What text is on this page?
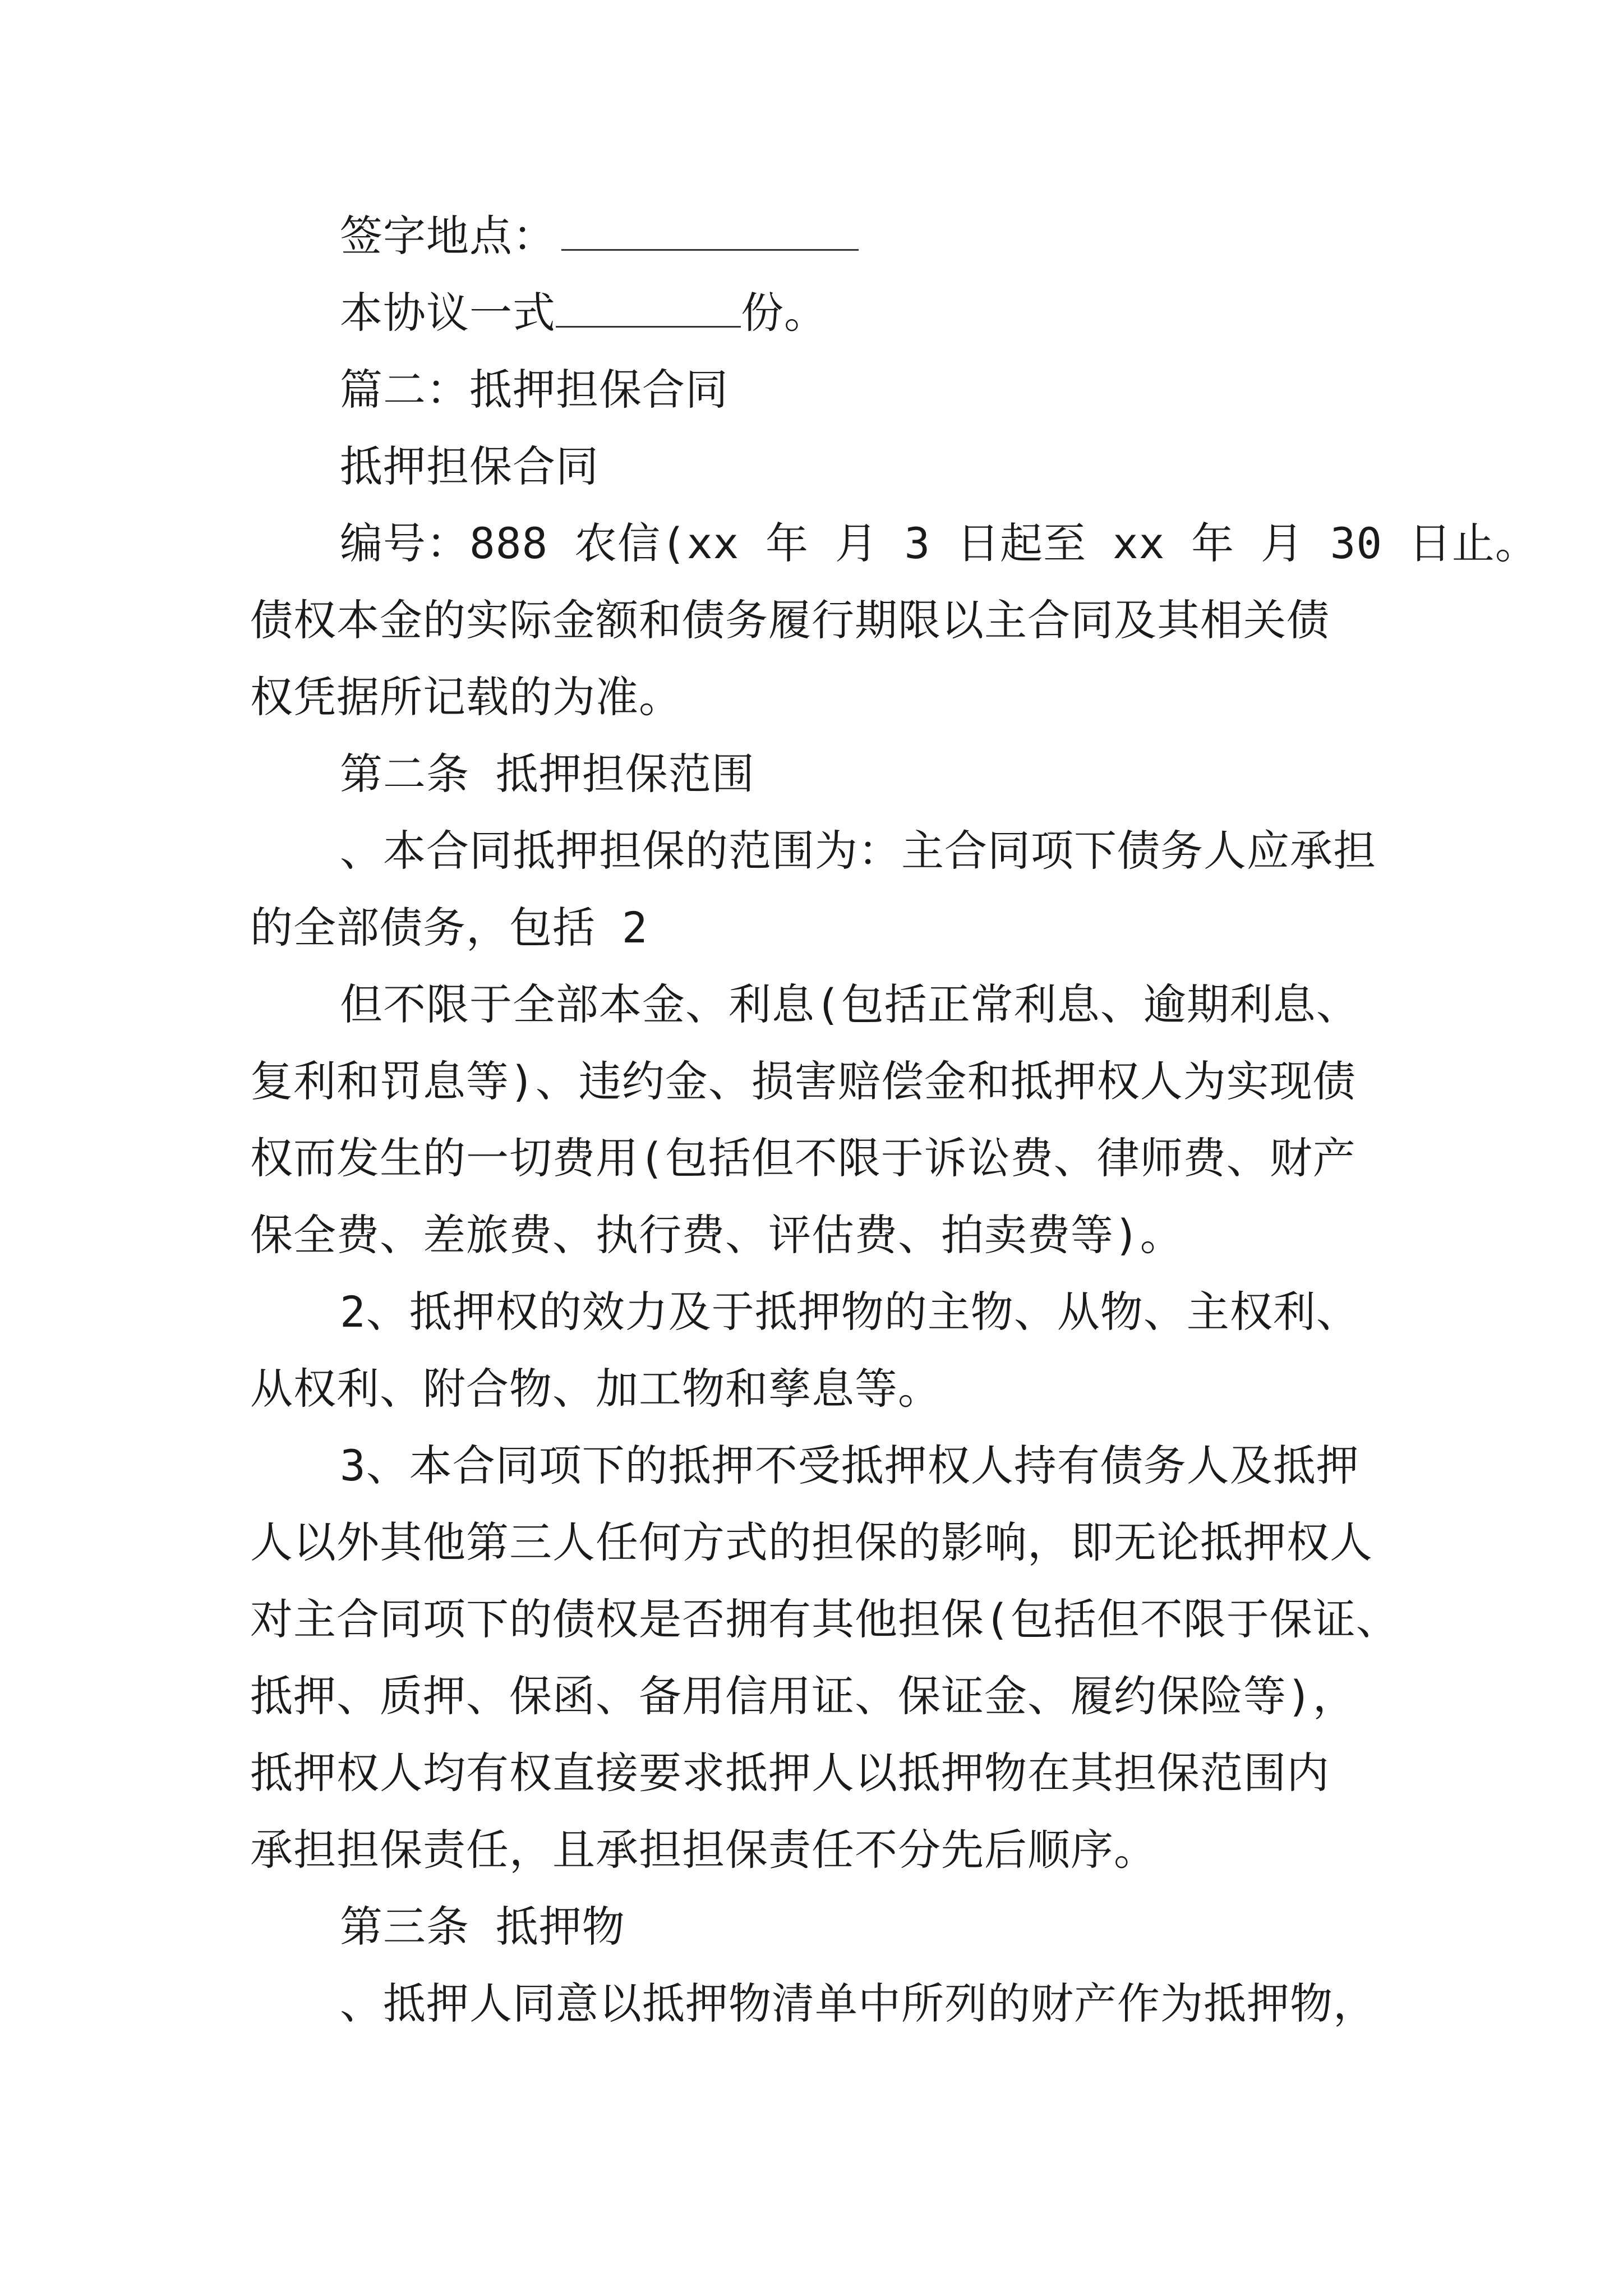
签字地点：
本协议一式	份。
篇二：抵押担保合同
抵押担保合同
编号：888 农信(xx 年 月 3 日起至 xx 年 月 30 日止。
债权本金的实际金额和债务履行期限以主合同及其相关债
权凭据所记载的为准。
第二条 抵押担保范围
、本合同抵押担保的范围为：主合同项下债务人应承担
的全部债务，包括 2
但不限于全部本金、利息(包括正常利息、逾期利息、
复利和罚息等)、违约金、损害赔偿金和抵押权人为实现债
权而发生的一切费用(包括但不限于诉讼费、律师费、财产
保全费、差旅费、执行费、评估费、拍卖费等)。
2、抵押权的效力及于抵押物的主物、从物、主权利、
从权利、附合物、加工物和孳息等。
3、本合同项下的抵押不受抵押权人持有债务人及抵押
人以外其他第三人任何方式的担保的影响，即无论抵押权人
对主合同项下的债权是否拥有其他担保(包括但不限于保证、
抵押、质押、保函、备用信用证、保证金、履约保险等)，
抵押权人均有权直接要求抵押人以抵押物在其担保范围内
承担担保责任，且承担担保责任不分先后顺序。
第三条 抵押物
、抵押人同意以抵押物清单中所列的财产作为抵押物，
